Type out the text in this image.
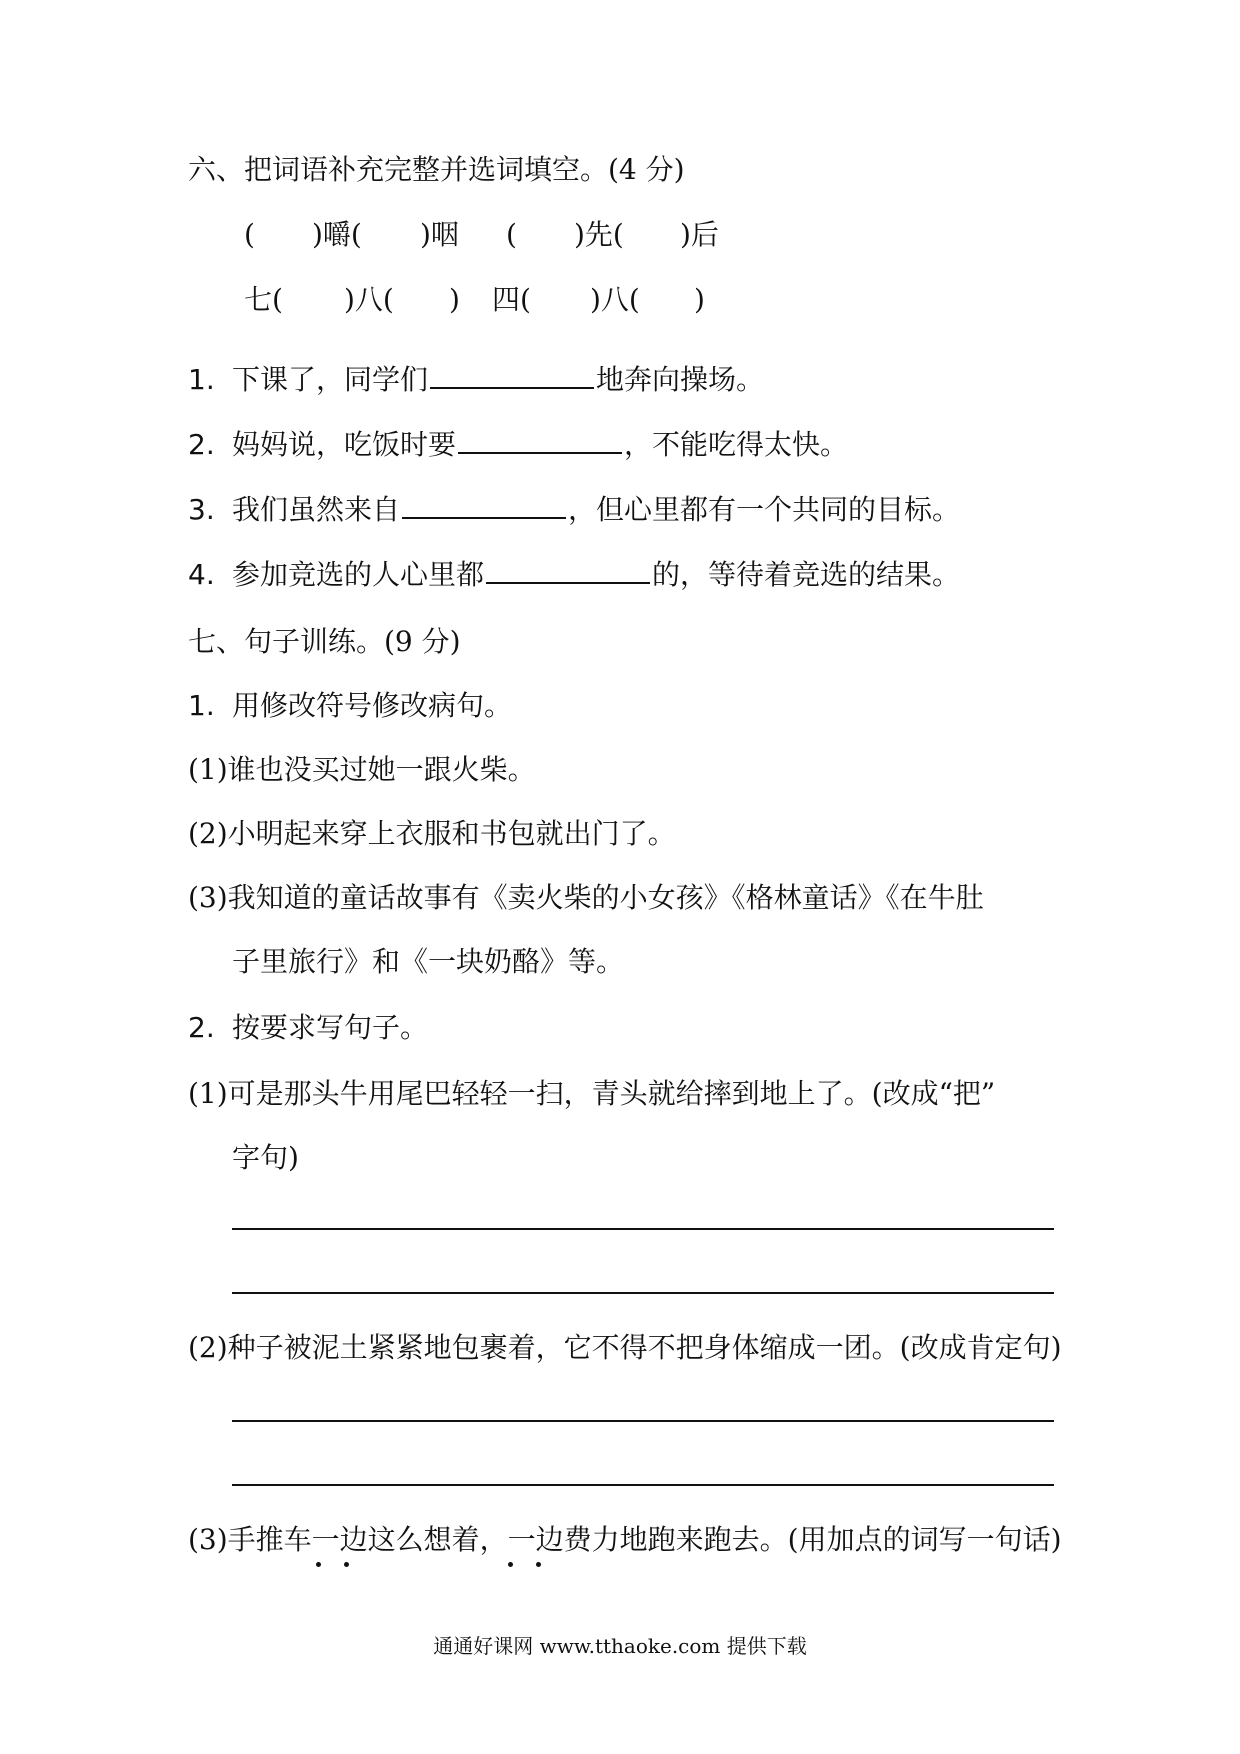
六、把词语补充完整并选词填空。(4 分)
( )嚼( )咽 ( )先( )后
七( )八( ) 四( )八( )
1. 下课了，同学们	地奔向操场。
2. 妈妈说，吃饭时要	，不能吃得太快。
3. 我们虽然来自	，但心里都有一个共同的目标。
4. 参加竞选的人心里都	的，等待着竞选的结果。
七、句子训练。(9 分)
1. 用修改符号修改病句。
(1)谁也没买过她一跟火柴。
(2)小明起来穿上衣服和书包就出门了。
(3)我知道的童话故事有《卖火柴的小女孩》《格林童话》《在牛肚
子里旅行》和《一块奶酪》等。
2. 按要求写句子。
(1)可是那头牛用尾巴轻轻一扫，青头就给摔到地上了。(改成“把”
字句)
(2)种子被泥土紧紧地包裹着，它不得不把身体缩成一团。(改成肯定句)
(3)手推车一边这么想着，一边费力地跑来跑去。(用加点的词写一句话)
通通好课网 www.tthaoke.com 提供下载
